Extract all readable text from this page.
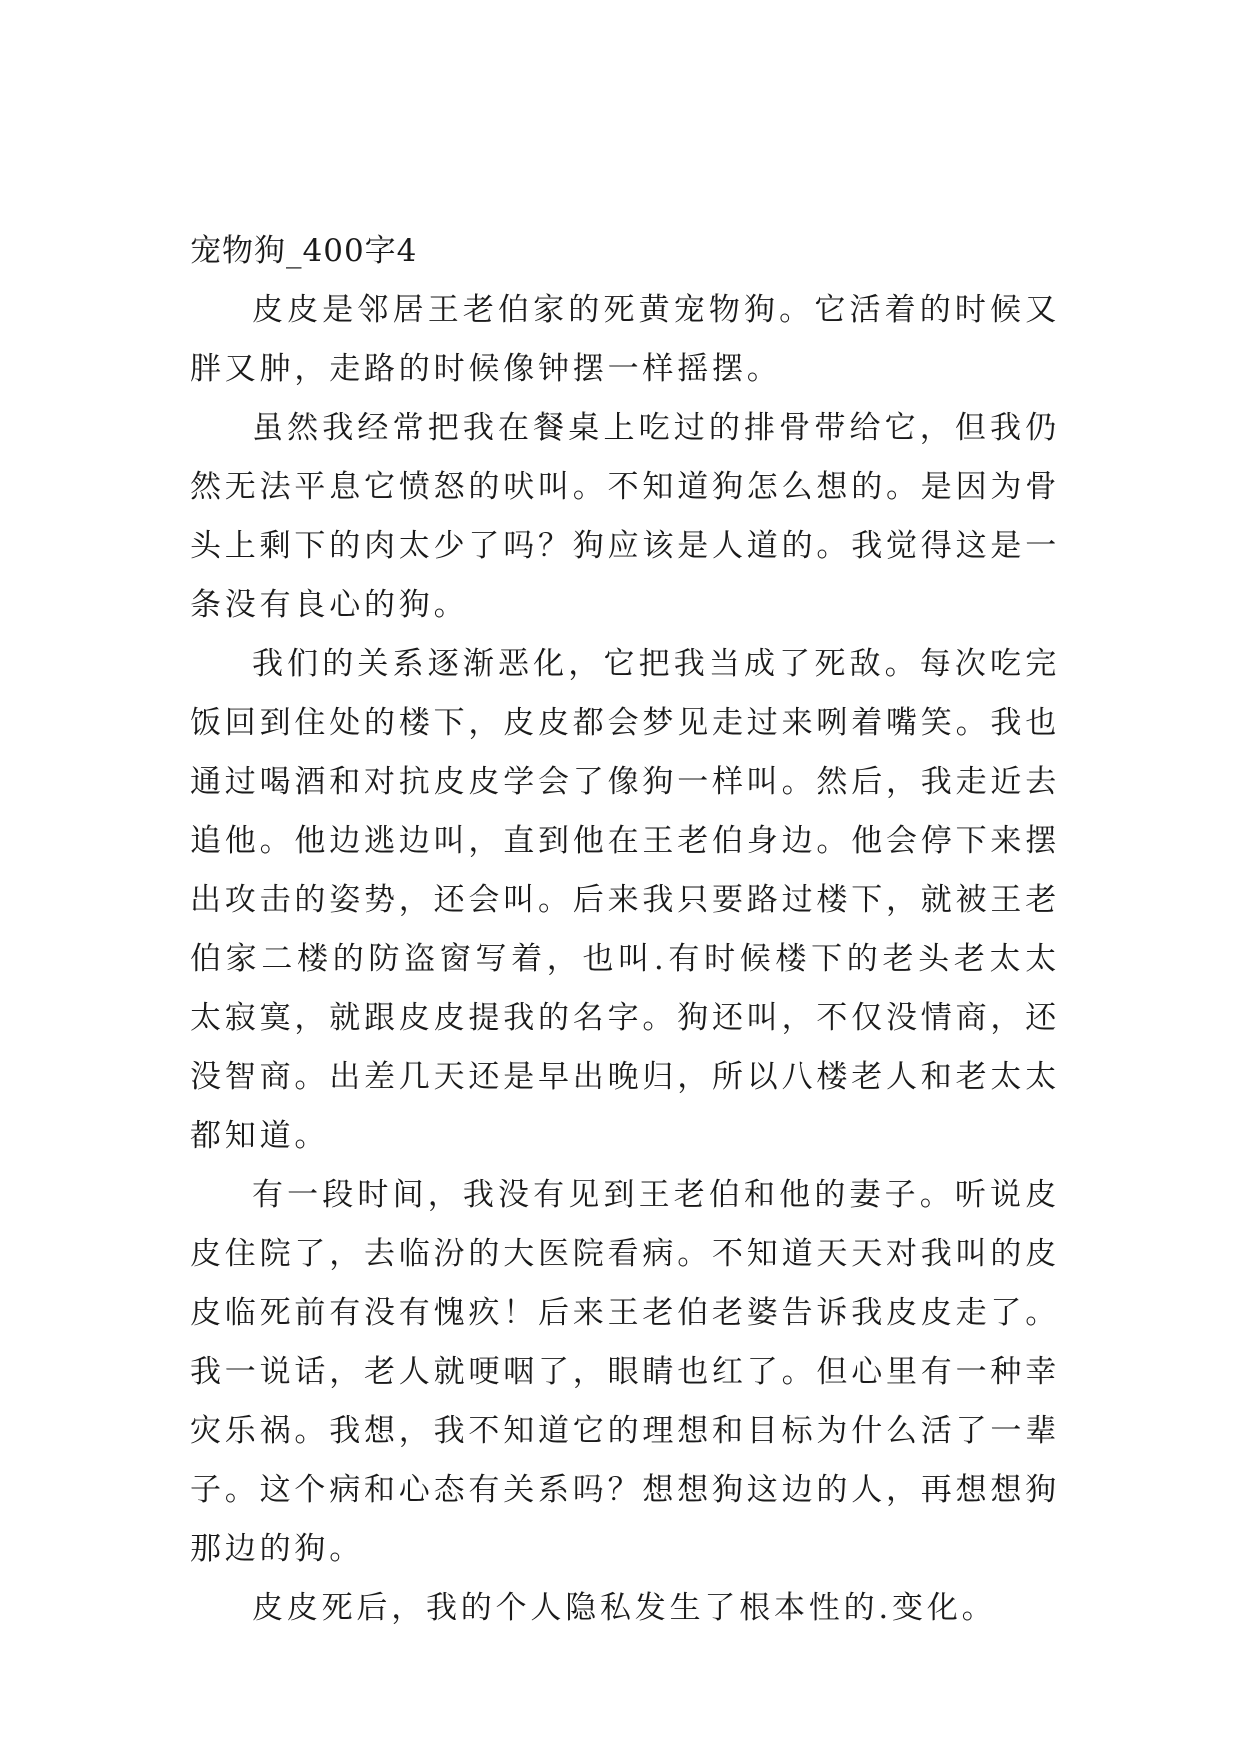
宠物狗_400字4

皮皮是邻居王老伯家的死黄宠物狗。它活着的时候又胖又肿，走路的时候像钟摆一样摇摆。

虽然我经常把我在餐桌上吃过的排骨带给它，但我仍然无法平息它愤怒的吠叫。不知道狗怎么想的。是因为骨头上剩下的肉太少了吗？狗应该是人道的。我觉得这是一条没有良心的狗。

我们的关系逐渐恶化，它把我当成了死敌。每次吃完饭回到住处的楼下，皮皮都会梦见走过来咧着嘴笑。我也通过喝酒和对抗皮皮学会了像狗一样叫。然后，我走近去追他。他边逃边叫，直到他在王老伯身边。他会停下来摆出攻击的姿势，还会叫。后来我只要路过楼下，就被王老伯家二楼的防盗窗写着，也叫.有时候楼下的老头老太太太寂寞，就跟皮皮提我的名字。狗还叫，不仅没情商，还没智商。出差几天还是早出晚归，所以八楼老人和老太太都知道。

有一段时间，我没有见到王老伯和他的妻子。听说皮皮住院了，去临汾的大医院看病。不知道天天对我叫的皮皮临死前有没有愧疚！后来王老伯老婆告诉我皮皮走了。我一说话，老人就哽咽了，眼睛也红了。但心里有一种幸灾乐祸。我想，我不知道它的理想和目标为什么活了一辈子。这个病和心态有关系吗？想想狗这边的人，再想想狗那边的狗。

皮皮死后，我的个人隐私发生了根本性的.变化。
